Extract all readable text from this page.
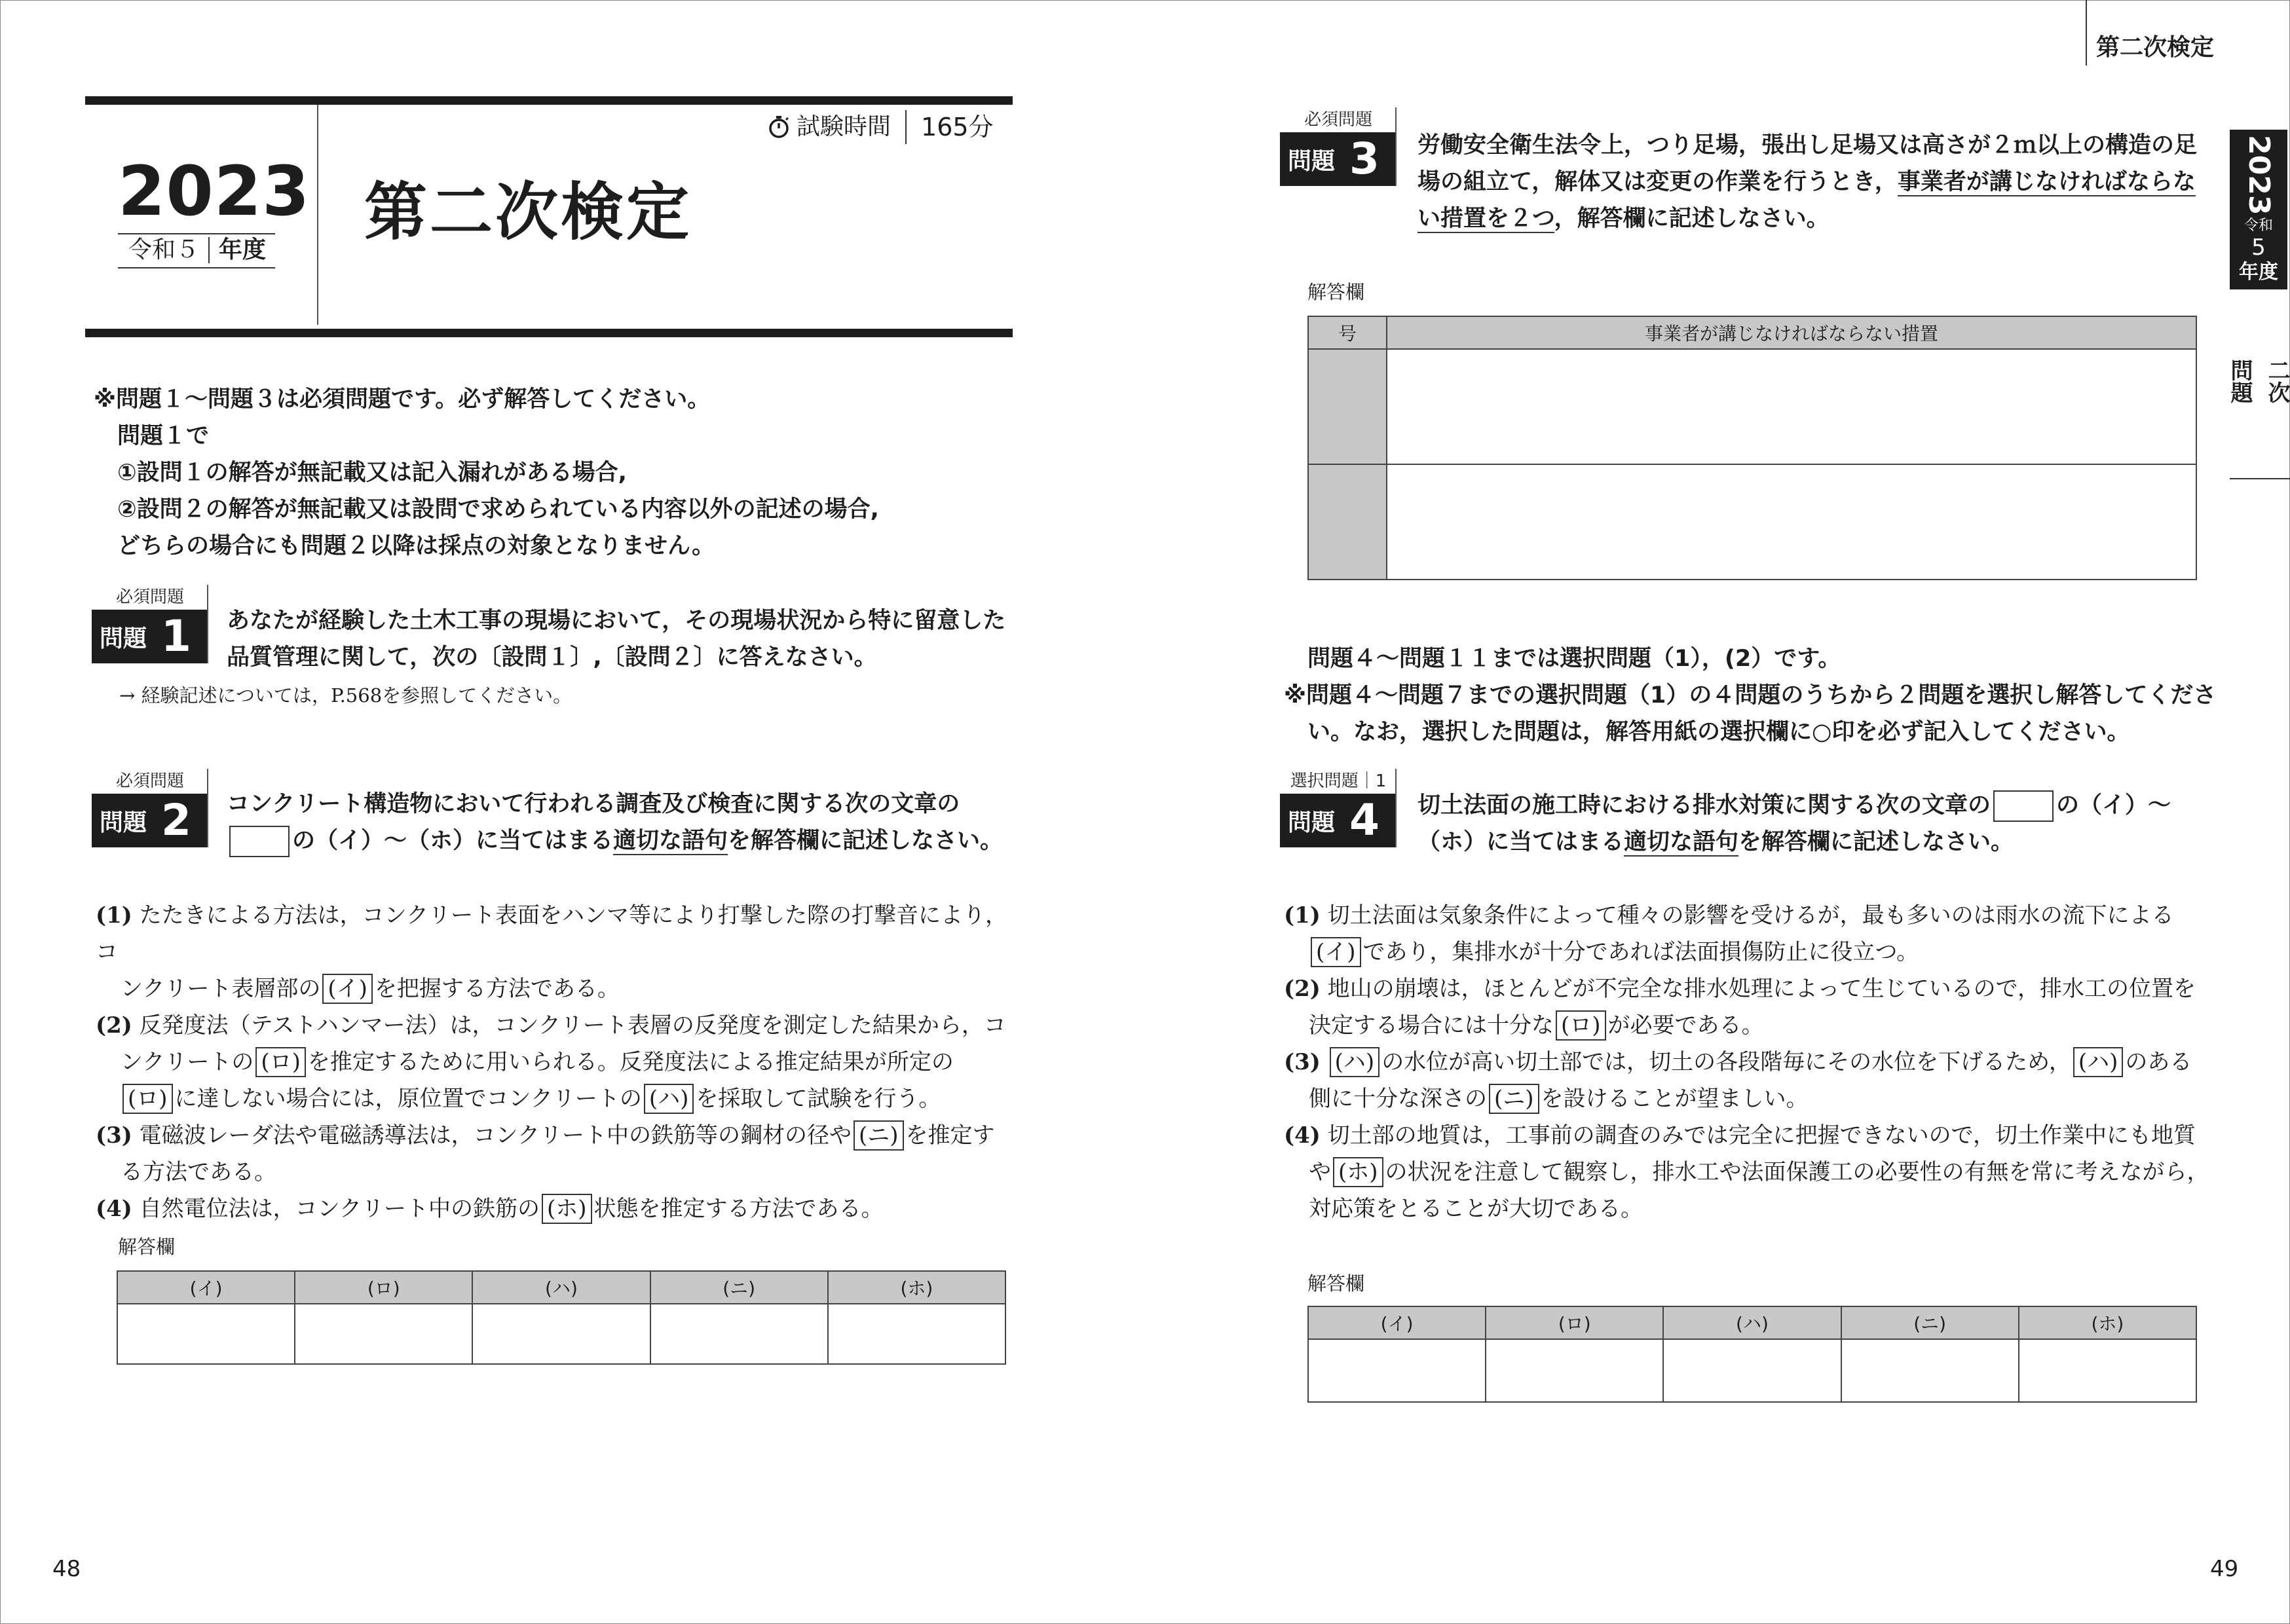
2023
令和５ 年度
第二次検定
試験時間 165分
※問題１～問題３は必須問題です。必ず解答してください。
問題１で
①設問１の解答が無記載又は記入漏れがある場合,
②設問２の解答が無記載又は設問で求められている内容以外の記述の場合,
どちらの場合にも問題２以降は採点の対象となりません。
必須問題
問題 1 あなたが経験した土木工事の現場において，その現場状況から特に留意した
品質管理に関して，次の〔設問１〕,〔設問２〕に答えなさい。
→ 経験記述については，P.568を参照してください。
必須問題
問題 2 コンクリート構造物において行われる調査及び検査に関する次の文章の
の（イ）～（ホ）に当てはまる適切な語句を解答欄に記述しなさい。
(1) たたきによる方法は，コンクリート表面をハンマ等により打撃した際の打撃音により，コ
ンクリート表層部の (イ) を把握する方法である。
(2) 反発度法（テストハンマー法）は，コンクリート表層の反発度を測定した結果から，コ
ンクリートの (ロ) を推定するために用いられる。反発度法による推定結果が所定の
(ロ) に達しない場合には，原位置でコンクリートの (ハ) を採取して試験を行う。
(3) 電磁波レーダ法や電磁誘導法は，コンクリート中の鉄筋等の鋼材の径や (ニ) を推定す
る方法である。
(4) 自然電位法は，コンクリート中の鉄筋の (ホ) 状態を推定する方法である。
解答欄
(イ)	(ロ)	(ハ)	(ニ)	(ホ)

48
第二次検定
2023
令和
5
年度
問題 二次
必須問題
問題 3 労働安全衛生法令上，つり足場，張出し足場又は高さが２ｍ以上の構造の足
場の組立て，解体又は変更の作業を行うとき，事業者が講じなければならな
い措置を２つ，解答欄に記述しなさい。
解答欄
号	事業者が講じなければならない措置

問題４～問題１１までは選択問題（1），(2）です。
※問題４～問題７までの選択問題（1）の４問題のうちから２問題を選択し解答してくださ
い。なお，選択した問題は，解答用紙の選択欄に○印を必ず記入してください。
選択問題｜1
問題 4 切土法面の施工時における排水対策に関する次の文章の	の（イ）～
（ホ）に当てはまる適切な語句を解答欄に記述しなさい。
(1) 切土法面は気象条件によって種々の影響を受けるが，最も多いのは雨水の流下による
(イ) であり，集排水が十分であれば法面損傷防止に役立つ。
(2) 地山の崩壊は，ほとんどが不完全な排水処理によって生じているので，排水工の位置を
決定する場合には十分な (ロ) が必要である。
(3) (ハ) の水位が高い切土部では，切土の各段階毎にその水位を下げるため， (ハ) のある
側に十分な深さの (ニ) を設けることが望ましい。
(4) 切土部の地質は，工事前の調査のみでは完全に把握できないので，切土作業中にも地質
や (ホ) の状況を注意して観察し，排水工や法面保護工の必要性の有無を常に考えながら，
対応策をとることが大切である。
解答欄
(イ)	(ロ)	(ハ)	(ニ)	(ホ)

49
